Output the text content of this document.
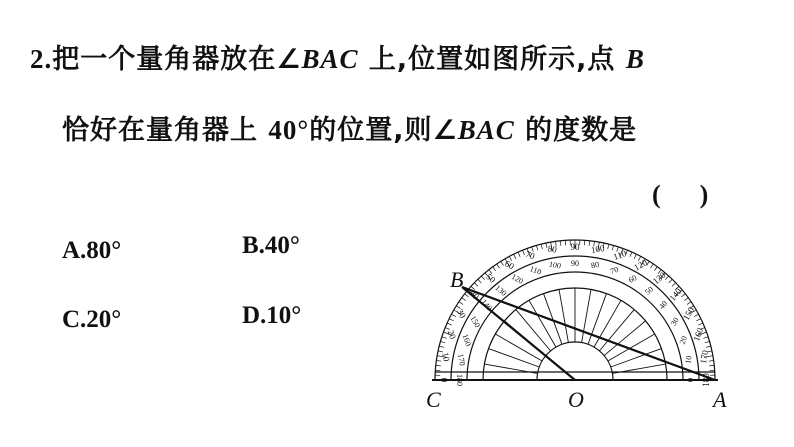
2.把一个量角器放在∠BAC 上,位置如图所示,点 B
恰好在量角器上 40°的位置,则∠BAC 的度数是
(      )
A.80°	B.40°
C.20°	D.10°
0
10
20
30
40
50
60
70 80 90 100 110
120
130
140
150
160
170
180
180
170
160
150
140
130
120
110 100 90 80 70
60
50
40
30
20
10
0
B
C	O	A
